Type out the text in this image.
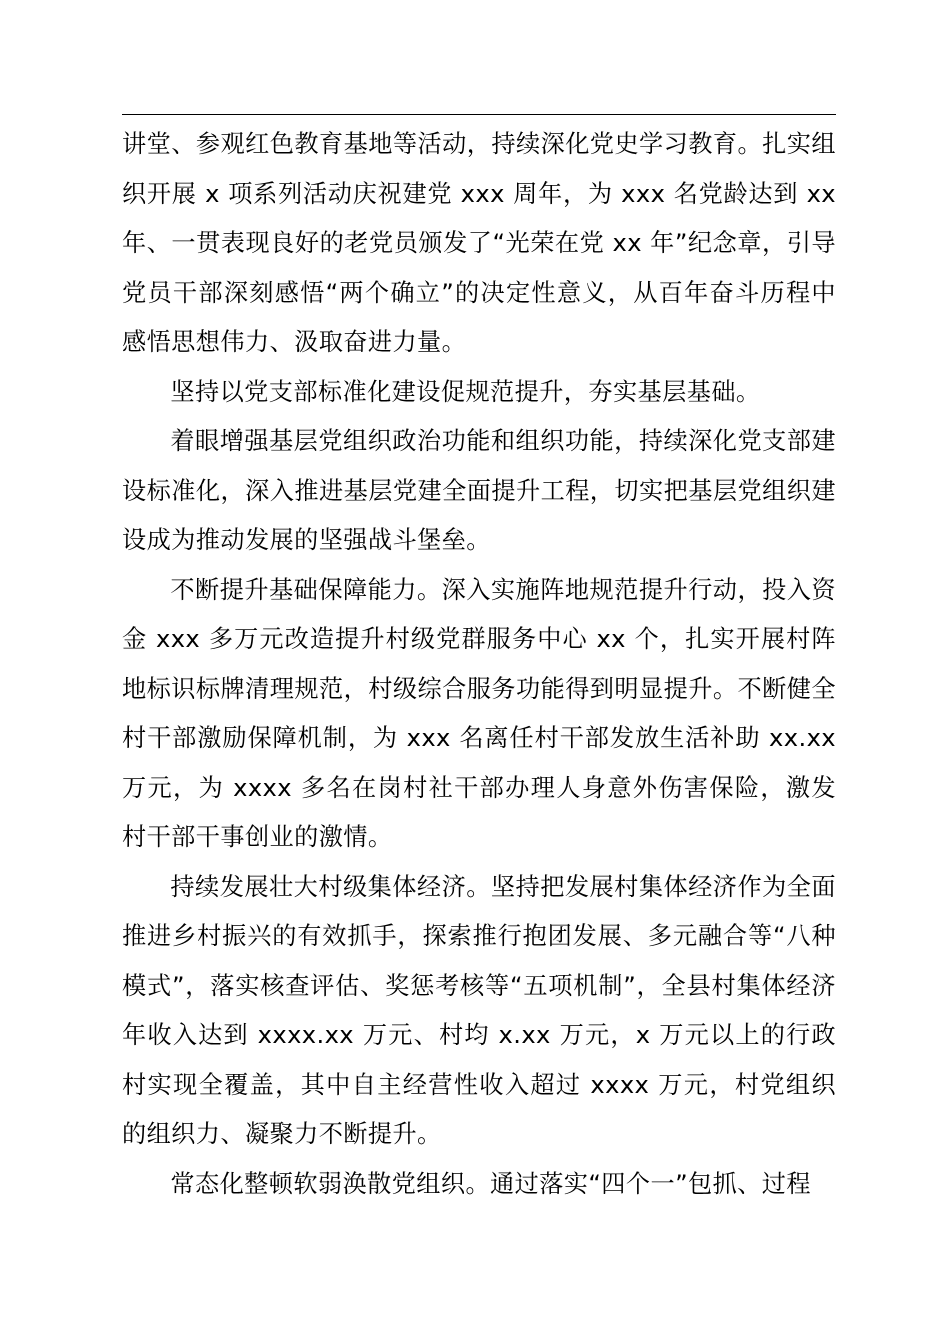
讲堂、参观红色教育基地等活动，持续深化党史学习教育。扎实组织开展 x 项系列活动庆祝建党 xxx 周年，为 xxx 名党龄达到 xx 年、一贯表现良好的老党员颁发了“光荣在党 xx 年”纪念章，引导党员干部深刻感悟“两个确立”的决定性意义，从百年奋斗历程中感悟思想伟力、汲取奋进力量。

坚持以党支部标准化建设促规范提升，夯实基层基础。

着眼增强基层党组织政治功能和组织功能，持续深化党支部建设标准化，深入推进基层党建全面提升工程，切实把基层党组织建设成为推动发展的坚强战斗堡垒。

不断提升基础保障能力。深入实施阵地规范提升行动，投入资金 xxx 多万元改造提升村级党群服务中心 xx 个，扎实开展村阵地标识标牌清理规范，村级综合服务功能得到明显提升。不断健全村干部激励保障机制，为 xxx 名离任村干部发放生活补助 xx.xx 万元，为 xxxx 多名在岗村社干部办理人身意外伤害保险，激发村干部干事创业的激情。

持续发展壮大村级集体经济。坚持把发展村集体经济作为全面推进乡村振兴的有效抓手，探索推行抱团发展、多元融合等“八种模式”，落实核查评估、奖惩考核等“五项机制”，全县村集体经济年收入达到 xxxx.xx 万元、村均 x.xx 万元，x 万元以上的行政村实现全覆盖，其中自主经营性收入超过 xxxx 万元，村党组织的组织力、凝聚力不断提升。

常态化整顿软弱涣散党组织。通过落实“四个一”包抓、过程
